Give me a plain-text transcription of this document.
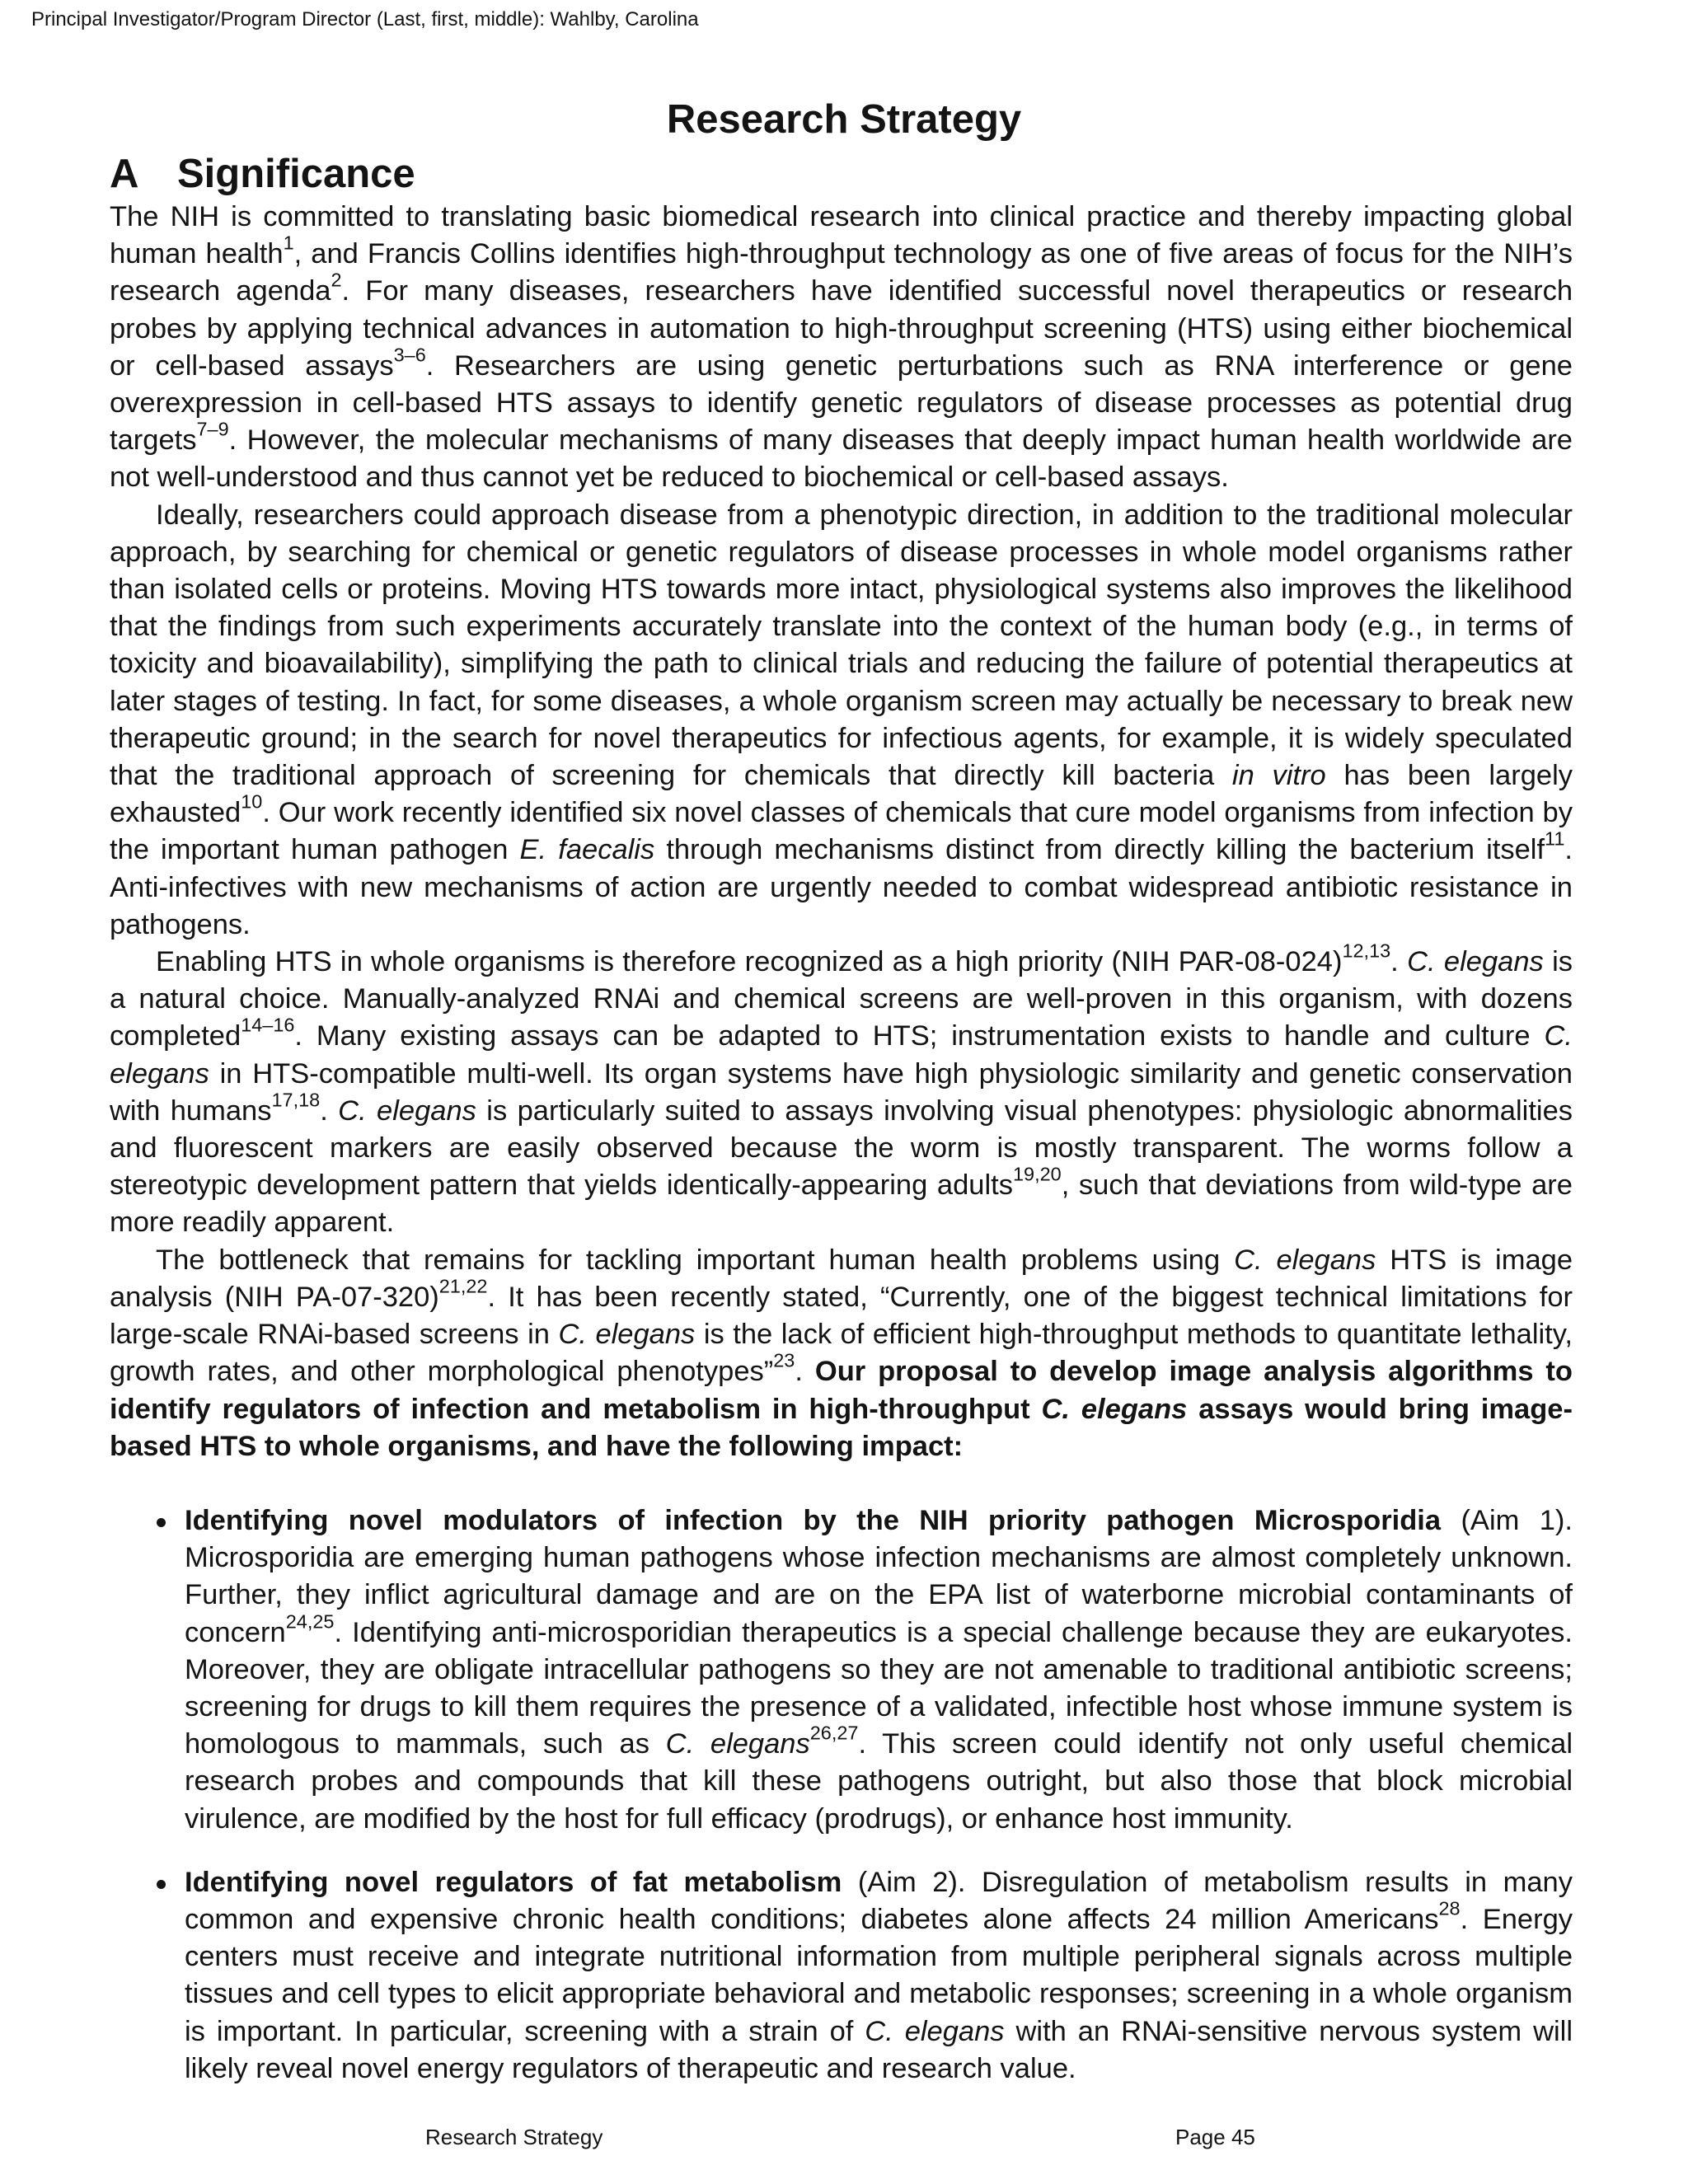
Principal Investigator/Program Director (Last, first, middle): Wahlby, Carolina
Research Strategy
A Significance

The NIH is committed to translating basic biomedical research into clinical practice and thereby impacting global human health$^1$, and Francis Collins identifies high-throughput technology as one of five areas of focus for the NIH’s research agenda$^2$. For many diseases, researchers have identified successful novel therapeutics or research probes by applying technical advances in automation to high-throughput screening (HTS) using either biochemical or cell-based assays$^{3-6}$. Researchers are using genetic perturbations such as RNA interference or gene overexpression in cell-based HTS assays to identify genetic regulators of disease processes as potential drug targets$^{7-9}$. However, the molecular mechanisms of many diseases that deeply impact human health worldwide are not well-understood and thus cannot yet be reduced to biochemical or cell-based assays.

Ideally, researchers could approach disease from a phenotypic direction, in addition to the traditional molecular approach, by searching for chemical or genetic regulators of disease processes in whole model organisms rather than isolated cells or proteins. Moving HTS towards more intact, physiological systems also improves the likelihood that the findings from such experiments accurately translate into the context of the human body (e.g., in terms of toxicity and bioavailability), simplifying the path to clinical trials and reducing the failure of potential therapeutics at later stages of testing. In fact, for some diseases, a whole organism screen may actually be necessary to break new therapeutic ground; in the search for novel therapeutics for infectious agents, for example, it is widely speculated that the traditional approach of screening for chemicals that directly kill bacteria in vitro has been largely exhausted$^{10}$. Our work recently identified six novel classes of chemicals that cure model organisms from infection by the important human pathogen E. faecalis through mechanisms distinct from directly killing the bacterium itself$^{11}$. Anti-infectives with new mechanisms of action are urgently needed to combat widespread antibiotic resistance in pathogens.

Enabling HTS in whole organisms is therefore recognized as a high priority (NIH PAR-08-024)$^{12,13}$. C. elegans is a natural choice. Manually-analyzed RNAi and chemical screens are well-proven in this organism, with dozens completed$^{14-16}$. Many existing assays can be adapted to HTS; instrumentation exists to handle and culture C. elegans in HTS-compatible multi-well. Its organ systems have high physiologic similarity and genetic conservation with humans$^{17,18}$. C. elegans is particularly suited to assays involving visual phenotypes: physiologic abnormalities and fluorescent markers are easily observed because the worm is mostly transparent. The worms follow a stereotypic development pattern that yields identically-appearing adults$^{19,20}$, such that deviations from wild-type are more readily apparent.

The bottleneck that remains for tackling important human health problems using C. elegans HTS is image analysis (NIH PA-07-320)$^{21,22}$. It has been recently stated, “Currently, one of the biggest technical limitations for large-scale RNAi-based screens in C. elegans is the lack of efficient high-throughput methods to quantitate lethality, growth rates, and other morphological phenotypes”$^{23}$. Our proposal to develop image analysis algorithms to identify regulators of infection and metabolism in high-throughput C. elegans assays would bring image-based HTS to whole organisms, and have the following impact:

Identifying novel modulators of infection by the NIH priority pathogen Microsporidia (Aim 1). Microsporidia are emerging human pathogens whose infection mechanisms are almost completely unknown. Further, they inflict agricultural damage and are on the EPA list of waterborne microbial contaminants of concern$^{24,25}$. Identifying anti-microsporidian therapeutics is a special challenge because they are eukaryotes. Moreover, they are obligate intracellular pathogens so they are not amenable to traditional antibiotic screens; screening for drugs to kill them requires the presence of a validated, infectible host whose immune system is homologous to mammals, such as C. elegans$^{26,27}$. This screen could identify not only useful chemical research probes and compounds that kill these pathogens outright, but also those that block microbial virulence, are modified by the host for full efficacy (prodrugs), or enhance host immunity.
Identifying novel regulators of fat metabolism (Aim 2). Disregulation of metabolism results in many common and expensive chronic health conditions; diabetes alone affects 24 million Americans$^{28}$. Energy centers must receive and integrate nutritional information from multiple peripheral signals across multiple tissues and cell types to elicit appropriate behavioral and metabolic responses; screening in a whole organism is important. In particular, screening with a strain of C. elegans with an RNAi-sensitive nervous system will likely reveal novel energy regulators of therapeutic and research value.
Research Strategy	Page 45
